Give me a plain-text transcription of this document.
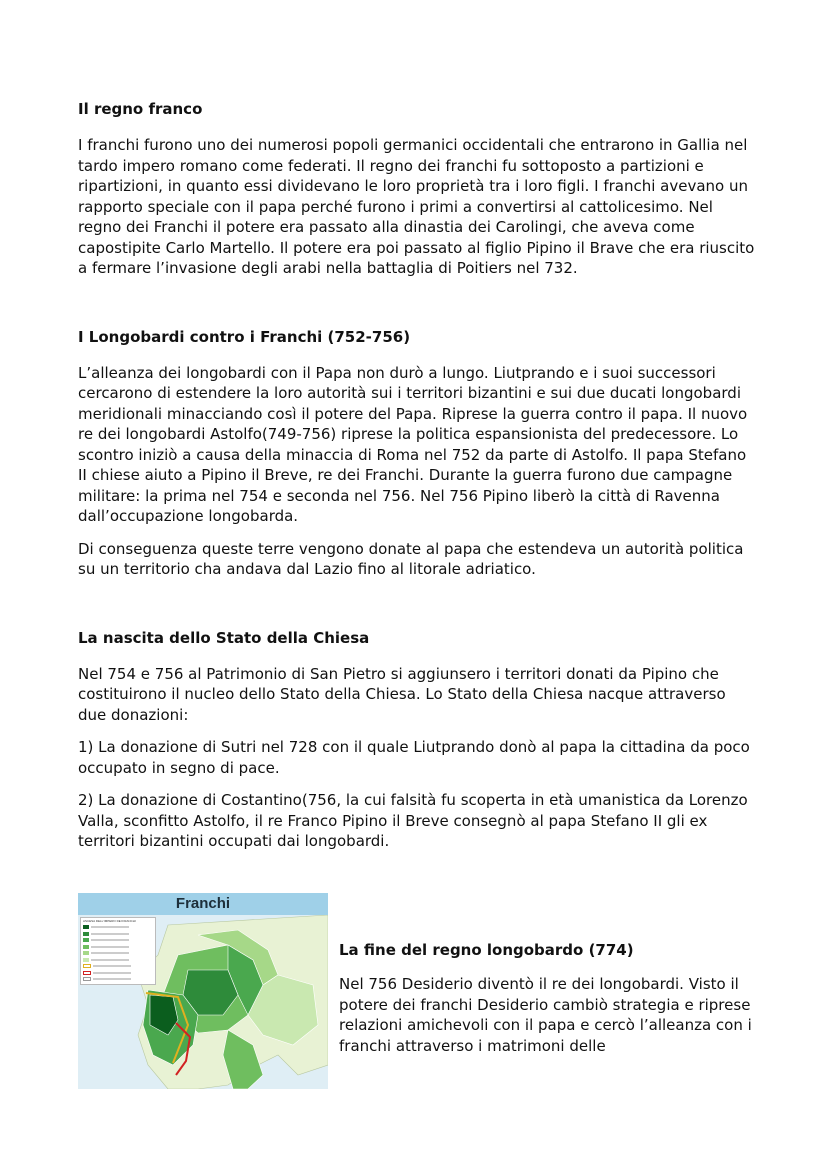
Il regno franco

I franchi furono uno dei numerosi popoli germanici occidentali che entrarono in Gallia nel tardo impero romano come federati. Il regno dei franchi fu sottoposto a partizioni e ripartizioni, in quanto essi dividevano le loro proprietà tra i loro figli. I franchi avevano un rapporto speciale con il papa perché furono i primi a convertirsi al cattolicesimo. Nel regno dei Franchi il potere era passato alla dinastia dei Carolingi, che aveva come capostipite Carlo Martello. Il potere era poi passato al figlio Pipino il Brave che era riuscito a fermare l’invasione degli arabi nella battaglia di Poitiers nel 732.

I Longobardi contro i Franchi (752-756)

L’alleanza dei longobardi con il Papa non durò a lungo. Liutprando e i suoi successori cercarono di estendere la loro autorità sui i territori bizantini e sui due ducati longobardi meridionali minacciando così il potere del Papa. Riprese la guerra contro il papa. Il nuovo re dei longobardi Astolfo(749-756) riprese la politica espansionista del predecessore. Lo scontro iniziò a causa della minaccia di Roma nel 752 da parte di Astolfo. Il papa Stefano II chiese aiuto a Pipino il Breve, re dei Franchi. Durante la guerra furono due campagne militare: la prima nel 754 e seconda nel 756. Nel 756 Pipino liberò la città di Ravenna dall’occupazione longobarda.

Di conseguenza queste terre vengono donate al papa che estendeva un autorità politica su un territorio cha andava dal Lazio fino al litorale adriatico.

La nascita dello Stato della Chiesa

Nel 754 e 756 al Patrimonio di San Pietro si aggiunsero i territori donati da Pipino che costituirono il nucleo dello Stato della Chiesa. Lo Stato della Chiesa nacque attraverso due donazioni:

1) La donazione di Sutri nel 728 con il quale Liutprando donò al papa la cittadina da poco occupato in segno di pace.

2) La donazione di Costantino(756, la cui falsità fu scoperta in età umanistica da Lorenzo Valla, sconfitto Astolfo, il re Franco Pipino il Breve consegnò al papa Stefano II gli ex territori bizantini occupati dai longobardi.

Franchi
ASCESA DELL'IMPERO DEI FRANCHI
La fine del regno longobardo (774)

Nel 756 Desiderio diventò il re dei longobardi. Visto il potere dei franchi Desiderio cambiò strategia e riprese relazioni amichevoli con il papa e cercò l’alleanza con i franchi attraverso i matrimoni delle
